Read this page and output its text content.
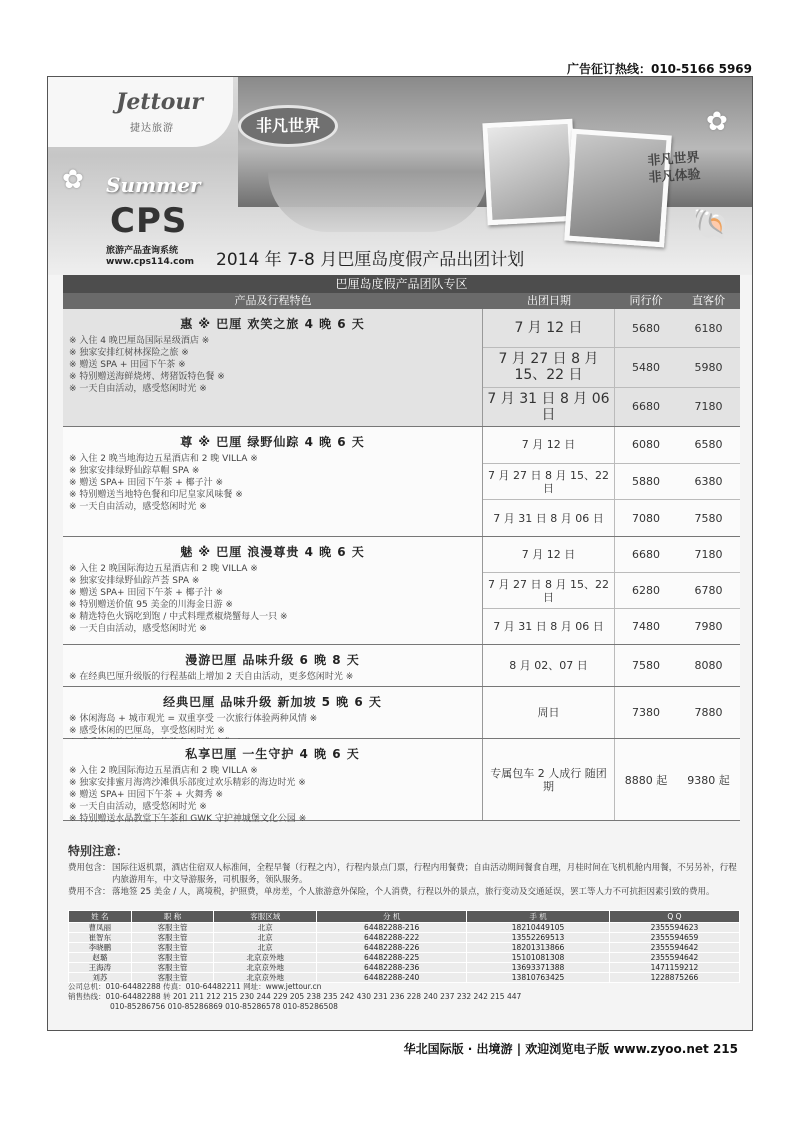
广告征订热线：010-5166 5969
Jettour
捷达旅游	非凡世界
非凡世界
非凡体验
✿
✿
Summer
CPS
旅游产品查询系统
www.cps114.com 2014 年 7-8 月巴厘岛度假产品出团计划
🐚
巴厘岛度假产品团队专区
产品及行程特色	出团日期	同行价	直客价
惠 ※ 巴厘 欢笑之旅 4 晚 6 天
※ 入住 4 晚巴厘岛国际星级酒店 ※
※ 独家安排红树林探险之旅 ※
※ 赠送 SPA + 田园下午茶 ※
※ 特别赠送海鲜烧烤、烤猪饭特色餐 ※
※ 一天自由活动，感受悠闲时光 ※
7 月 12 日	5680	6180
7 月 27 日 8 月 15、22 日	5480	5980
7 月 31 日 8 月 06 日	6680	7180
尊 ※ 巴厘 绿野仙踪 4 晚 6 天
※ 入住 2 晚当地海边五星酒店和 2 晚 VILLA ※
※ 独家安排绿野仙踪草帽 SPA ※
※ 赠送 SPA+ 田园下午茶 + 椰子汁 ※
※ 特别赠送当地特色餐和印尼皇家风味餐 ※
※ 一天自由活动，感受悠闲时光 ※
7 月 12 日	6080	6580
7 月 27 日 8 月 15、22 日	5880	6380
7 月 31 日 8 月 06 日	7080	7580
魅 ※ 巴厘 浪漫尊贵 4 晚 6 天
※ 入住 2 晚国际海边五星酒店和 2 晚 VILLA ※
※ 独家安排绿野仙踪芦荟 SPA ※
※ 赠送 SPA+ 田园下午茶 + 椰子汁 ※
※ 特别赠送价值 95 美金的川海金日游 ※
※ 精选特色火锅吃到饱 / 中式料理煮椒烧蟹每人一只 ※
※ 一天自由活动，感受悠闲时光 ※
7 月 12 日	6680	7180
7 月 27 日 8 月 15、22 日	6280	6780
7 月 31 日 8 月 06 日	7480	7980
漫游巴厘 品味升级 6 晚 8 天
※ 在经典巴厘升级版的行程基础上增加 2 天自由活动，更多悠闲时光 ※
8 月 02、07 日	7580	8080
经典巴厘 品味升级 新加坡 5 晚 6 天
※ 休闲海岛 + 城市观光 = 双重享受 一次旅行体验两种风情 ※
※ 感受休闲的巴厘岛，享受悠闲时光 ※
周日	7380	7880
私享巴厘 一生守护 4 晚 6 天
※ 入住 2 晚国际海边五星酒店和 2 晚 VILLA ※
※ 独家安排蜜月海湾沙滩俱乐部度过欢乐精彩的海边时光 ※
※ 赠送 SPA+ 田园下午茶 + 火舞秀 ※
※ 一天自由活动，感受悠闲时光 ※
※ 特别赠送水晶教堂下午茶和 GWK 守护神城堡文化公园 ※
专属包车 2 人成行 随团期	8880 起	9380 起
特别注意：
费用包含： 国际往返机票，酒店住宿双人标准间，全程早餐（行程之内），行程内景点门票，行程内用餐费；自由活动期间餐食自理，月桂时间在飞机机舱内用餐，不另另补，行程内旅游用车，中文导游服务，司机服务，领队服务。
费用不含： 落地签 25 美金 / 人，离境税，护照费，单房差，个人旅游意外保险，个人消费，行程以外的景点，旅行变动及交通延误，罢工等人力不可抗拒因素引致的费用。
姓 名	职 称	客服区域	分 机	手 机	Q Q
曹凤丽	客服主管	北京	64482288-216	18210449105	2355594623
崔智东	客服主管	北京	64482288-222	13552269513	2355594659
李晓鹏	客服主管	北京	64482288-226	18201313866	2355594642
赵璐	客服主管	北京京外地	64482288-225	15101081308	2355594642
王海涛	客服主管	北京京外地	64482288-236	13693371388	1471159212
刘苏	客服主管	北京京外地	64482288-240	13810763425	1228875266
公司总机：010-64482288 传真：010-64482211 网址：www.jettour.cn
销售热线：010-64482288 转 201 211 212 215 230 244 229 205 238 235 242 430 231 236 228 240 237 232 242 215 447
010-85286756 010-85286869 010-85286578 010-85286508
华北国际版 · 出境游 | 欢迎浏览电子版 www.zyoo.net 215
